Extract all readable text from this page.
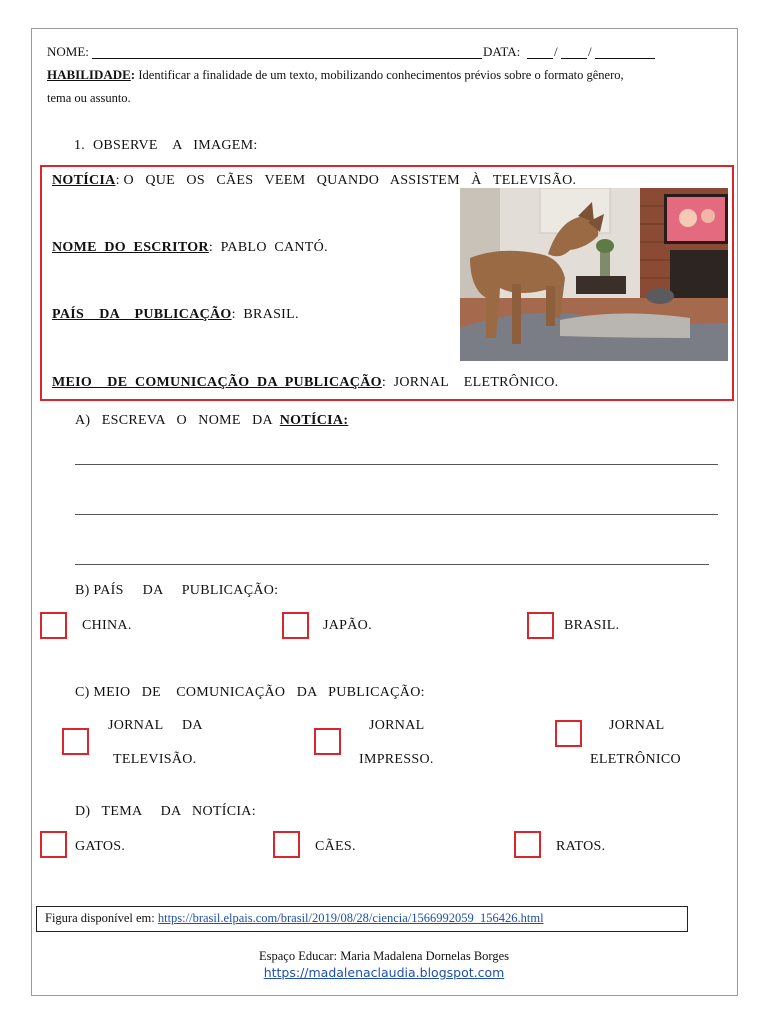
NOME:	DATA:	/ /
HABILIDADE: Identificar a finalidade de um texto, mobilizando conhecimentos prévios sobre o formato gênero,
tema ou assunto.
1. OBSERVE    A   IMAGEM:
NOTÍCIA: O   QUE   OS   CÃES   VEEM   QUANDO   ASSISTEM   À   TELEVISÃO.
NOME  DO  ESCRITOR:  PABLO  CANTÓ.
PAÍS    DA    PUBLICAÇÃO:  BRASIL.
MEIO    DE  COMUNICAÇÃO  DA  PUBLICAÇÃO:  JORNAL    ELETRÔNICO.
A)   ESCREVA   O   NOME   DA  NOTÍCIA:
B) PAÍS     DA     PUBLICAÇÃO:
CHINA.	JAPÃO.	BRASIL.
C) MEIO   DE    COMUNICAÇÃO   DA   PUBLICAÇÃO:
JORNAL     DA
TELEVISÃO.
JORNAL
IMPRESSO.
JORNAL
ELETRÔNICO
D)   TEMA     DA   NOTÍCIA:
GATOS.	CÃES.	RATOS.
Figura disponível em: https://brasil.elpais.com/brasil/2019/08/28/ciencia/1566992059_156426.html
Espaço Educar: Maria Madalena Dornelas Borges
https://madalenaclaudia.blogspot.com
